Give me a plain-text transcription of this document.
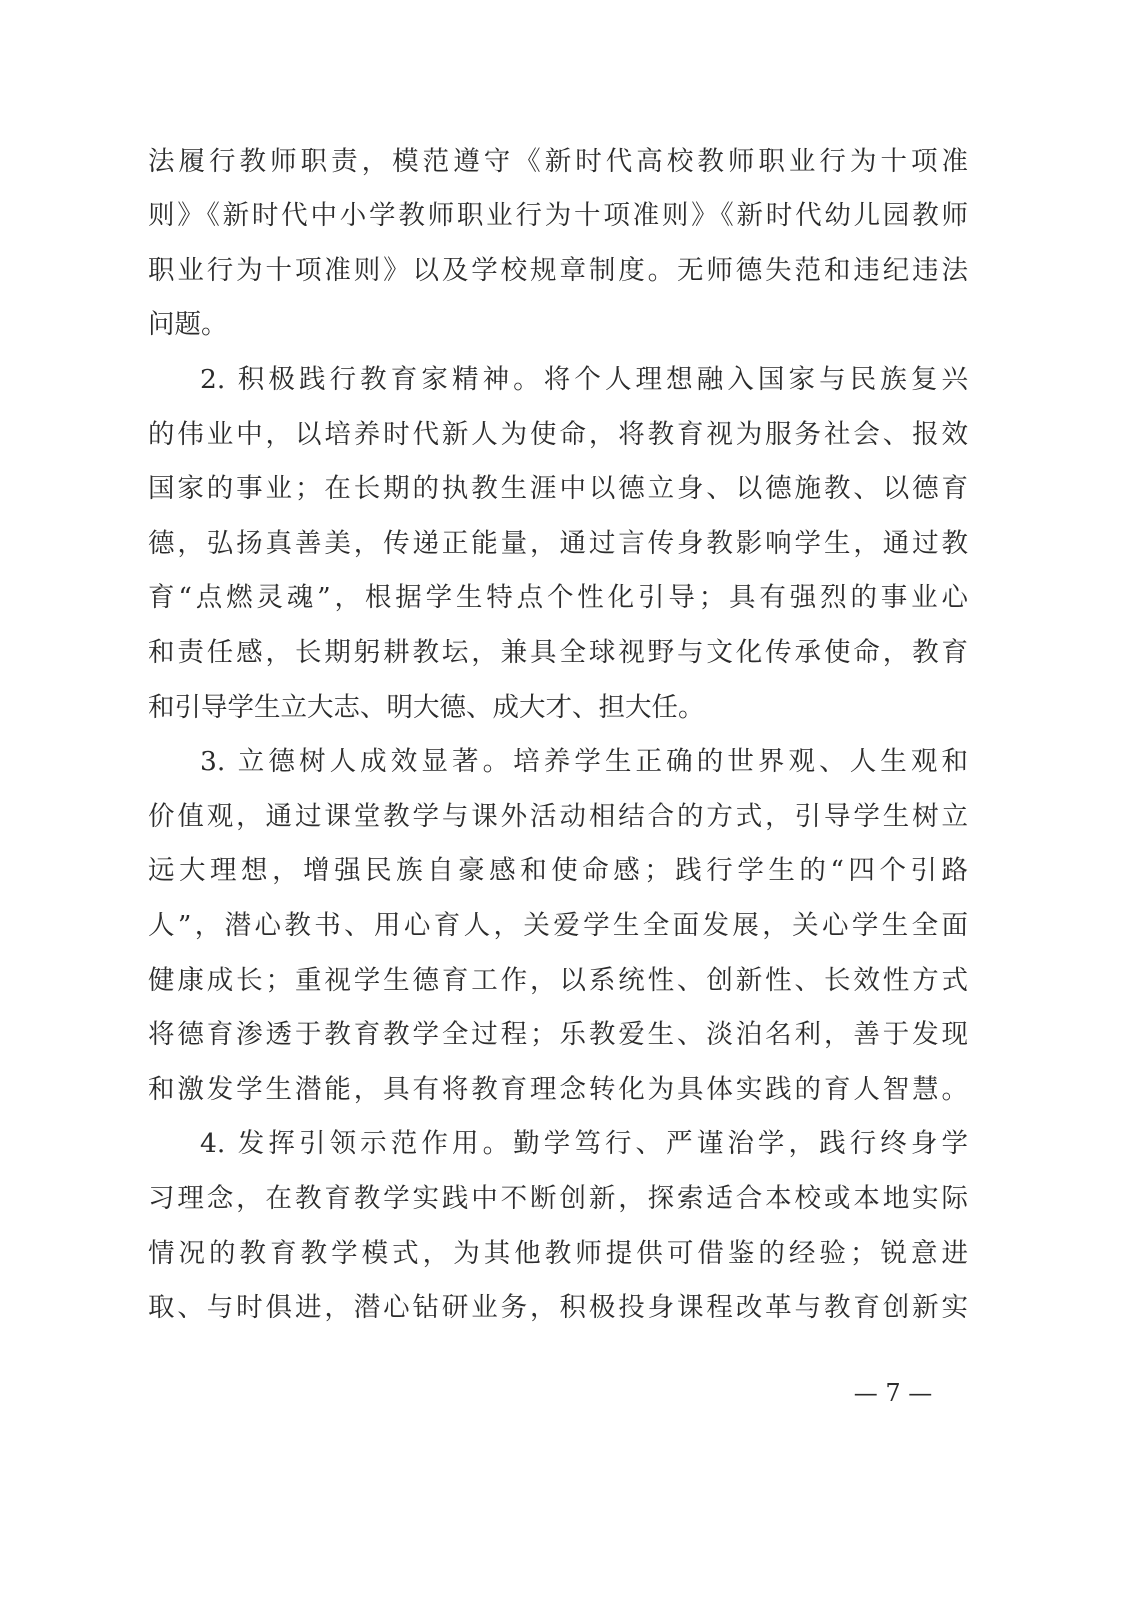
法履行教师职责，模范遵守《新时代高校教师职业行为十项准
则》《新时代中小学教师职业行为十项准则》《新时代幼儿园教师
职业行为十项准则》以及学校规章制度。无师德失范和违纪违法
问题。
2. 积极践行教育家精神。将个人理想融入国家与民族复兴
的伟业中，以培养时代新人为使命，将教育视为服务社会、报效
国家的事业；在长期的执教生涯中以德立身、以德施教、以德育
德，弘扬真善美，传递正能量，通过言传身教影响学生，通过教
育“点燃灵魂”，根据学生特点个性化引导；具有强烈的事业心
和责任感，长期躬耕教坛，兼具全球视野与文化传承使命，教育
和引导学生立大志、明大德、成大才、担大任。
3. 立德树人成效显著。培养学生正确的世界观、人生观和
价值观，通过课堂教学与课外活动相结合的方式，引导学生树立
远大理想，增强民族自豪感和使命感；践行学生的“四个引路
人”，潜心教书、用心育人，关爱学生全面发展，关心学生全面
健康成长；重视学生德育工作，以系统性、创新性、长效性方式
将德育渗透于教育教学全过程；乐教爱生、淡泊名利，善于发现
和激发学生潜能，具有将教育理念转化为具体实践的育人智慧。
4. 发挥引领示范作用。勤学笃行、严谨治学，践行终身学
习理念，在教育教学实践中不断创新，探索适合本校或本地实际
情况的教育教学模式，为其他教师提供可借鉴的经验；锐意进
取、与时俱进，潜心钻研业务，积极投身课程改革与教育创新实
— 7 —
